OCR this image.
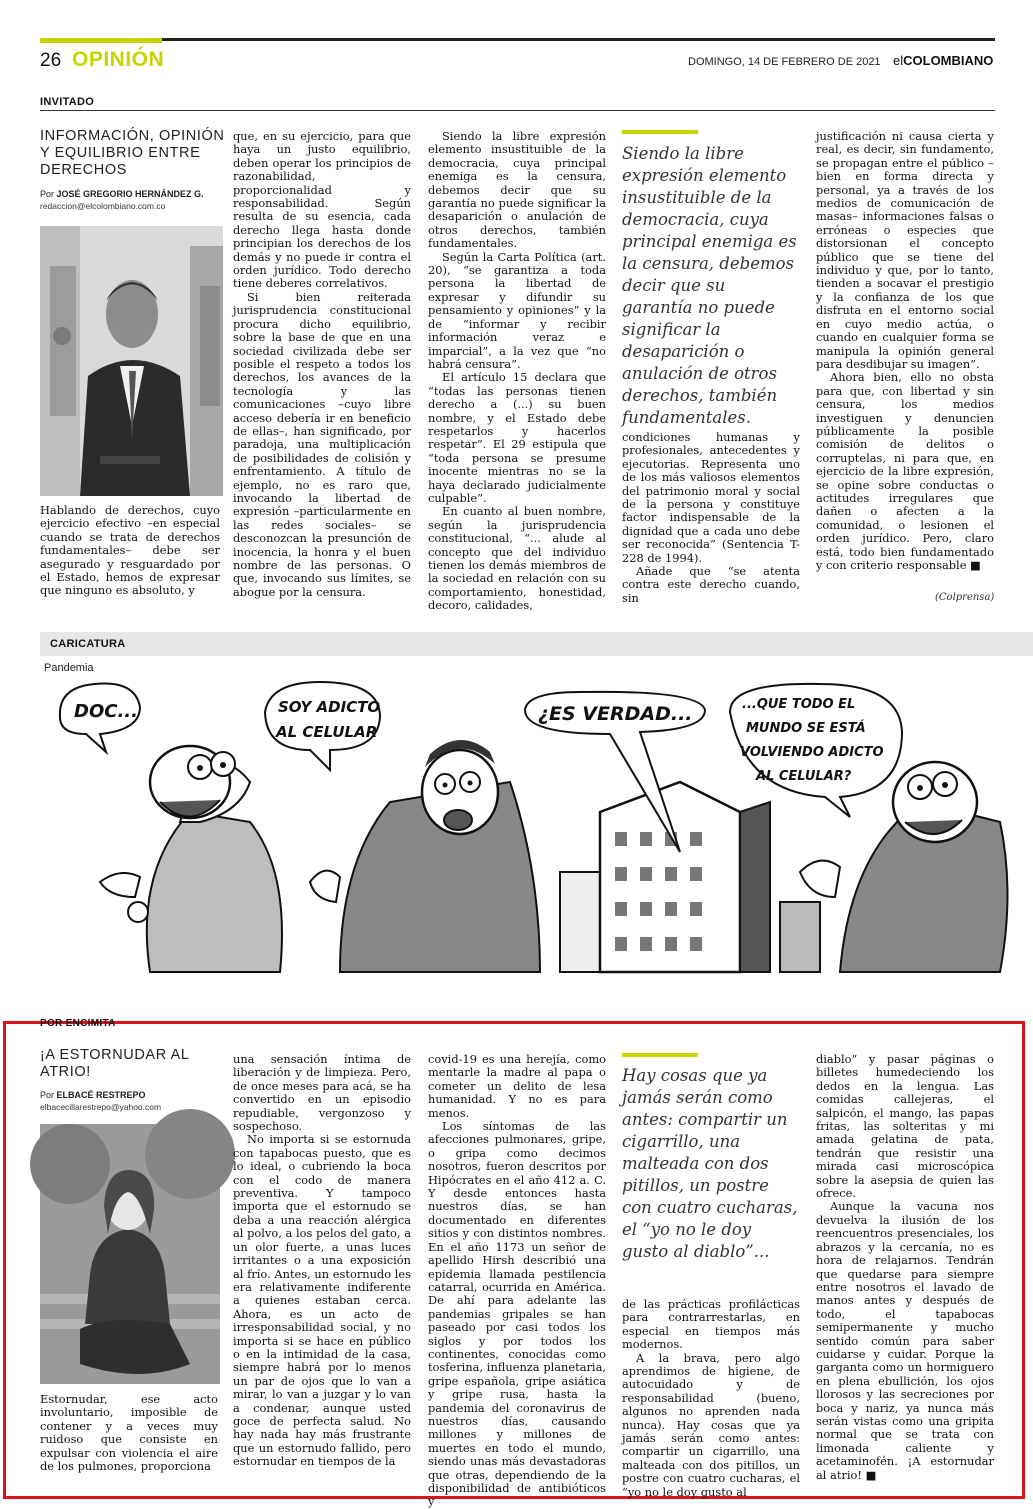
26 OPINIÓN	DOMINGO, 14 DE FEBRERO DE 2021 elCOLOMBIANO
INVITADO
INFORMACIÓN, OPINIÓN Y EQUILIBRIO ENTRE DERECHOS
Por JOSÉ GREGORIO HERNÁNDEZ G.
redaccion@elcolombiano.com.co

Hablando de derechos, cuyo ejercicio efectivo –en especial cuando se trata de derechos fundamentales– debe ser asegurado y resguardado por el Estado, hemos de expresar que ninguno es absoluto, y

que, en su ejercicio, para que haya un justo equilibrio, deben operar los principios de razonabilidad, proporcionalidad y responsabilidad. Según resulta de su esencia, cada derecho llega hasta donde principian los derechos de los demás y no puede ir contra el orden jurídico. Todo derecho tiene deberes correlativos.

Si bien reiterada jurisprudencia constitucional procura dicho equilibrio, sobre la base de que en una sociedad civilizada debe ser posible el respeto a todos los derechos, los avances de la tecnología y las comunicaciones –cuyo libre acceso debería ir en beneficio de ellas–, han significado, por paradoja, una multiplicación de posibilidades de colisión y enfrentamiento. A título de ejemplo, no es raro que, invocando la libertad de expresión –particularmente en las redes sociales– se desconozcan la presunción de inocencia, la honra y el buen nombre de las personas. O que, invocando sus límites, se abogue por la censura.

Siendo la libre expresión elemento insustituible de la democracia, cuya principal enemiga es la censura, debemos decir que su garantía no puede significar la desaparición o anulación de otros derechos, también fundamentales.

Según la Carta Política (art. 20), “se garantiza a toda persona la libertad de expresar y difundir su pensamiento y opiniones” y la de “informar y recibir información veraz e imparcial”, a la vez que “no habrá censura”.

El artículo 15 declara que “todas las personas tienen derecho a (...) su buen nombre, y el Estado debe respetarlos y hacerlos respetar”. El 29 estipula que “toda persona se presume inocente mientras no se la haya declarado judicialmente culpable”.

En cuanto al buen nombre, según la jurisprudencia constitucional, “... alude al concepto que del individuo tienen los demás miembros de la sociedad en relación con su comportamiento, honestidad, decoro, calidades,

Siendo la libre expresión elemento insustituible de la democracia, cuya principal enemiga es la censura, debemos decir que su garantía no puede significar la desaparición o anulación de otros derechos, también fundamentales.

condiciones humanas y profesionales, antecedentes y ejecutorias. Representa uno de los más valiosos elementos del patrimonio moral y social de la persona y constituye factor indispensable de la dignidad que a cada uno debe ser reconocida” (Sentencia T-228 de 1994).

Añade que “se atenta contra este derecho cuando, sin

justificación ni causa cierta y real, es decir, sin fundamento, se propagan entre el público –bien en forma directa y personal, ya a través de los medios de comunicación de masas– informaciones falsas o erróneas o especies que distorsionan el concepto público que se tiene del individuo y que, por lo tanto, tienden a socavar el prestigio y la confianza de los que disfruta en el entorno social en cuyo medio actúa, o cuando en cualquier forma se manipula la opinión general para desdibujar su imagen”.

Ahora bien, ello no obsta para que, con libertad y sin censura, los medios investiguen y denuncien públicamente la posible comisión de delitos o corruptelas, ni para que, en ejercicio de la libre expresión, se opine sobre conductas o actitudes irregulares que dañen o afecten a la comunidad, o lesionen el orden jurídico. Pero, claro está, todo bien fundamentado y con criterio responsable ■

(Colprensa)
CARICATURA
Pandemia
DOC...	SOY ADICTO
AL CELULAR
¿ES VERDAD...	...QUE TODO EL
MUNDO SE ESTÁ
VOLVIENDO ADICTO
AL CELULAR?
POR ENCIMITA
¡A ESTORNUDAR AL ATRIO!
Por ELBACÉ RESTREPO
elbacecillarestrepo@yahoo.com

Estornudar, ese acto involuntario, imposible de contener y a veces muy ruidoso que consiste en expulsar con violencia el aire de los pulmones, proporciona

una sensación íntima de liberación y de limpieza. Pero, de once meses para acá, se ha convertido en un episodio repudiable, vergonzoso y sospechoso.

No importa si se estornuda con tapabocas puesto, que es lo ideal, o cubriendo la boca con el codo de manera preventiva. Y tampoco importa que el estornudo se deba a una reacción alérgica al polvo, a los pelos del gato, a un olor fuerte, a unas luces irritantes o a una exposición al frío. Antes, un estornudo les era relativamente indiferente a quienes estaban cerca. Ahora, es un acto de irresponsabilidad social, y no importa si se hace en público o en la intimidad de la casa, siempre habrá por lo menos un par de ojos que lo van a mirar, lo van a juzgar y lo van a condenar, aunque usted goce de perfecta salud. No hay nada hay más frustrante que un estornudo fallido, pero estornudar en tiempos de la

covid-19 es una herejía, como mentarle la madre al papa o cometer un delito de lesa humanidad. Y no es para menos.

Los síntomas de las afecciones pulmonares, gripe, o gripa como decimos nosotros, fueron descritos por Hipócrates en el año 412 a. C. Y desde entonces hasta nuestros días, se han documentado en diferentes sitios y con distintos nombres. En el año 1173 un señor de apellido Hirsh describió una epidemia llamada pestilencia catarral, ocurrida en América. De ahí para adelante las pandemias gripales se han paseado por casi todos los siglos y por todos los continentes, conocidas como tosferina, influenza planetaria, gripe española, gripe asiática y gripe rusa, hasta la pandemia del coronavirus de nuestros días, causando millones y millones de muertes en todo el mundo, siendo unas más devastadoras que otras, dependiendo de la disponibilidad de antibióticos y

Hay cosas que ya jamás serán como antes: compartir un cigarrillo, una malteada con dos pitillos, un postre con cuatro cucharas, el “yo no le doy gusto al diablo”...

de las prácticas profilácticas para contrarrestarlas, en especial en tiempos más modernos.

A la brava, pero algo aprendimos de higiene, de autocuidado y de responsabilidad (bueno, algunos no aprenden nada nunca). Hay cosas que ya jamás serán como antes: compartir un cigarrillo, una malteada con dos pitillos, un postre con cuatro cucharas, el “yo no le doy gusto al

diablo” y pasar páginas o billetes humedeciendo los dedos en la lengua. Las comidas callejeras, el salpicón, el mango, las papas fritas, las solteritas y mi amada gelatina de pata, tendrán que resistir una mirada casi microscópica sobre la asepsia de quien las ofrece.

Aunque la vacuna nos devuelva la ilusión de los reencuentros presenciales, los abrazos y la cercanía, no es hora de relajarnos. Tendrán que quedarse para siempre entre nosotros el lavado de manos antes y después de todo, el tapabocas semipermanente y mucho sentido común para saber cuidarse y cuidar. Porque la garganta como un hormiguero en plena ebullición, los ojos llorosos y las secreciones por boca y nariz, ya nunca más serán vistas como una gripita normal que se trata con limonada caliente y acetaminofén. ¡A estornudar al atrio! ■
